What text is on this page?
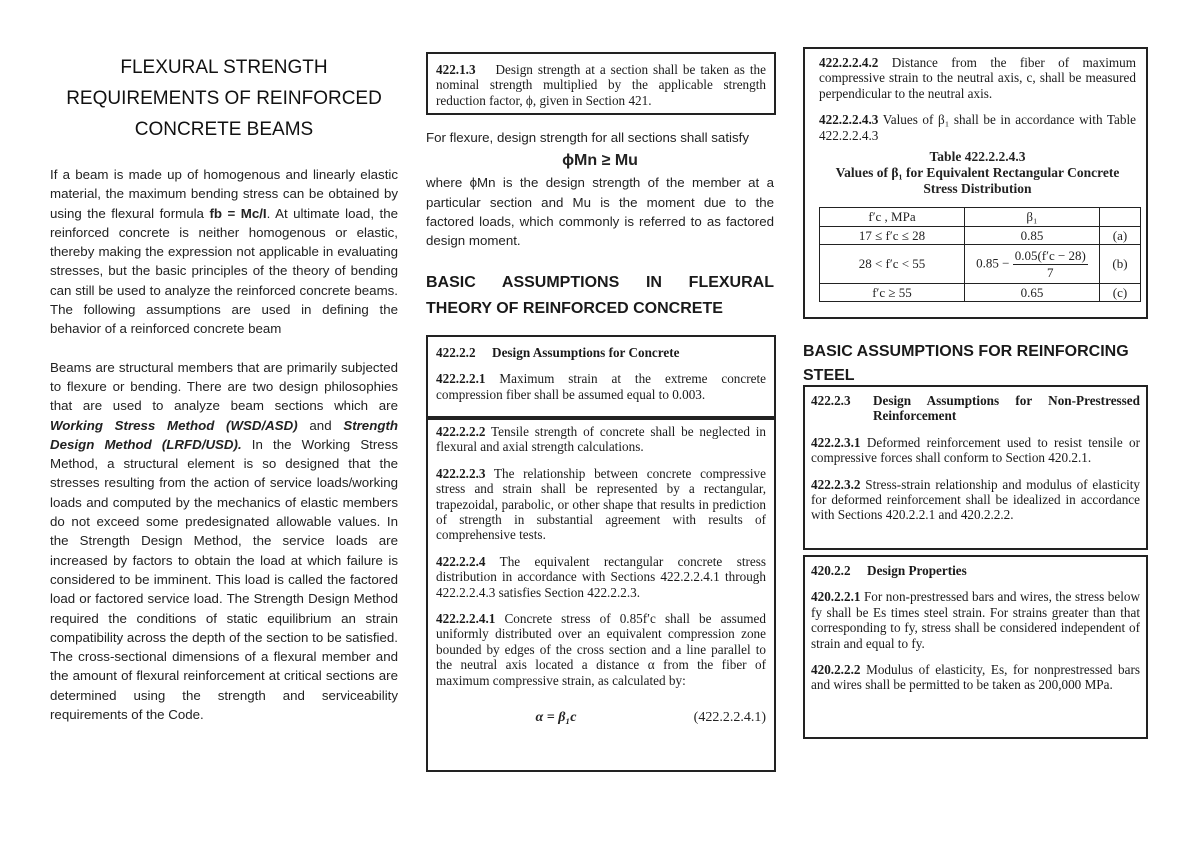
FLEXURAL STRENGTH
REQUIREMENTS OF REINFORCED
CONCRETE BEAMS

If a beam is made up of homogenous and linearly elastic material, the maximum bending stress can be obtained by using the flexural formula fb = Mc/I. At ultimate load, the reinforced concrete is neither homogenous or elastic, thereby making the expression not applicable in evaluating stresses, but the basic principles of the theory of bending can still be used to analyze the reinforced concrete beams. The following assumptions are used in defining the behavior of a reinforced concrete beam

Beams are structural members that are primarily subjected to flexure or bending. There are two design philosophies that are used to analyze beam sections which are Working Stress Method (WSD/ASD) and Strength Design Method (LRFD/USD). In the Working Stress Method, a structural element is so designed that the stresses resulting from the action of service loads/working loads and computed by the mechanics of elastic members do not exceed some predesignated allowable values. In the Strength Design Method, the service loads are increased by factors to obtain the load at which failure is considered to be imminent. This load is called the factored load or factored service load. The Strength Design Method required the conditions of static equilibrium an strain compatibility across the depth of the section to be satisfied. The cross-sectional dimensions of a flexural member and the amount of flexural reinforcement at critical sections are determined using the strength and serviceability requirements of the Code.

422.1.3 Design strength at a section shall be taken as the nominal strength multiplied by the applicable strength reduction factor, ϕ, given in Section 421.

For flexure, design strength for all sections shall satisfy

ϕMn ≥ Mu

where ϕMn is the design strength of the member at a particular section and Mu is the moment due to the factored loads, which commonly is referred to as factored design moment.

BASIC ASSUMPTIONS IN FLEXURAL
THEORY OF REINFORCED CONCRETE
422.2.2 Design Assumptions for Concrete
422.2.2.1 Maximum strain at the extreme concrete compression fiber shall be assumed equal to 0.003.
422.2.2.2 Tensile strength of concrete shall be neglected in flexural and axial strength calculations.
422.2.2.3 The relationship between concrete compressive stress and strain shall be represented by a rectangular, trapezoidal, parabolic, or other shape that results in prediction of strength in substantial agreement with results of comprehensive tests.
422.2.2.4 The equivalent rectangular concrete stress distribution in accordance with Sections 422.2.2.4.1 through 422.2.2.4.3 satisfies Section 422.2.2.3.
422.2.2.4.1 Concrete stress of 0.85f′c shall be assumed uniformly distributed over an equivalent compression zone bounded by edges of the cross section and a line parallel to the neutral axis located a distance α from the fiber of maximum compressive strain, as calculated by:
α = β₁c	(422.2.2.4.1)
422.2.2.4.2 Distance from the fiber of maximum compressive strain to the neutral axis, c, shall be measured perpendicular to the neutral axis.
422.2.2.4.3 Values of β₁ shall be in accordance with Table 422.2.2.4.3
Table 422.2.2.4.3
Values of β₁ for Equivalent Rectangular Concrete
Stress Distribution
f′c , MPa	β₁	
17 ≤ f′c ≤ 28	0.85	(a)
28 < f′c < 55	$0.85 - \frac{0.05(f'c - 28)}{7}$	(b)
f′c ≥ 55	0.65	(c)
BASIC ASSUMPTIONS FOR REINFORCING
STEEL
422.2.3	Design Assumptions for Non-Prestressed Reinforcement
422.2.3.1 Deformed reinforcement used to resist tensile or compressive forces shall conform to Section 420.2.1.
422.2.3.2 Stress-strain relationship and modulus of elasticity for deformed reinforcement shall be idealized in accordance with Sections 420.2.2.1 and 420.2.2.2.
420.2.2 Design Properties
420.2.2.1 For non-prestressed bars and wires, the stress below fy shall be Es times steel strain. For strains greater than that corresponding to fy, stress shall be considered independent of strain and equal to fy.
420.2.2.2 Modulus of elasticity, Es, for nonprestressed bars and wires shall be permitted to be taken as 200,000 MPa.
